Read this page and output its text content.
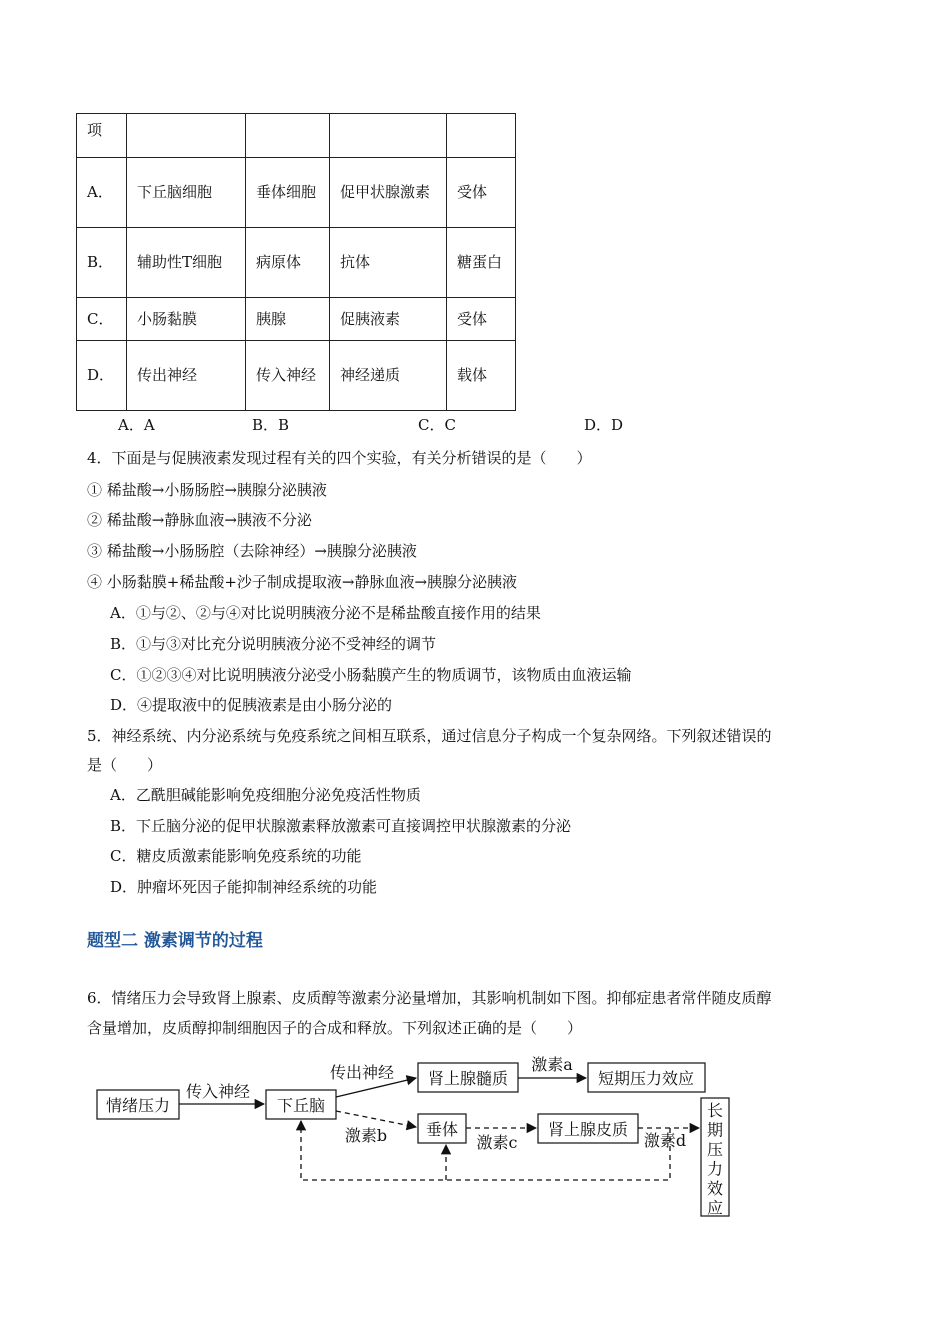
项				
A．	下丘脑细胞	垂体细胞	促甲状腺激素	受体
B．	辅助性T细胞	病原体	抗体	糖蛋白
C．	小肠黏膜	胰腺	促胰液素	受体
D．	传出神经	传入神经	神经递质	载体
A．A	B．B	C．C	D．D
4．下面是与促胰液素发现过程有关的四个实验，有关分析错误的是（　　）
① 稀盐酸→小肠肠腔→胰腺分泌胰液
② 稀盐酸→静脉血液→胰液不分泌
③ 稀盐酸→小肠肠腔（去除神经）→胰腺分泌胰液
④ 小肠黏膜+稀盐酸+沙子制成提取液→静脉血液→胰腺分泌胰液
A．①与②、②与④对比说明胰液分泌不是稀盐酸直接作用的结果
B．①与③对比充分说明胰液分泌不受神经的调节
C．①②③④对比说明胰液分泌受小肠黏膜产生的物质调节，该物质由血液运输
D．④提取液中的促胰液素是由小肠分泌的
5．神经系统、内分泌系统与免疫系统之间相互联系，通过信息分子构成一个复杂网络。下列叙述错误的
是（　　）
A．乙酰胆碱能影响免疫细胞分泌免疫活性物质
B．下丘脑分泌的促甲状腺激素释放激素可直接调控甲状腺激素的分泌
C．糖皮质激素能影响免疫系统的功能
D．肿瘤坏死因子能抑制神经系统的功能
题型二 激素调节的过程
6．情绪压力会导致肾上腺素、皮质醇等激素分泌量增加，其影响机制如下图。抑郁症患者常伴随皮质醇
含量增加，皮质醇抑制细胞因子的合成和释放。下列叙述正确的是（　　）
情绪压力	下丘脑
肾上腺髓质	短期压力效应
垂体	肾上腺皮质
长期压力效应
传入神经
传出神经	激素a
激素b	激素c	激素d
